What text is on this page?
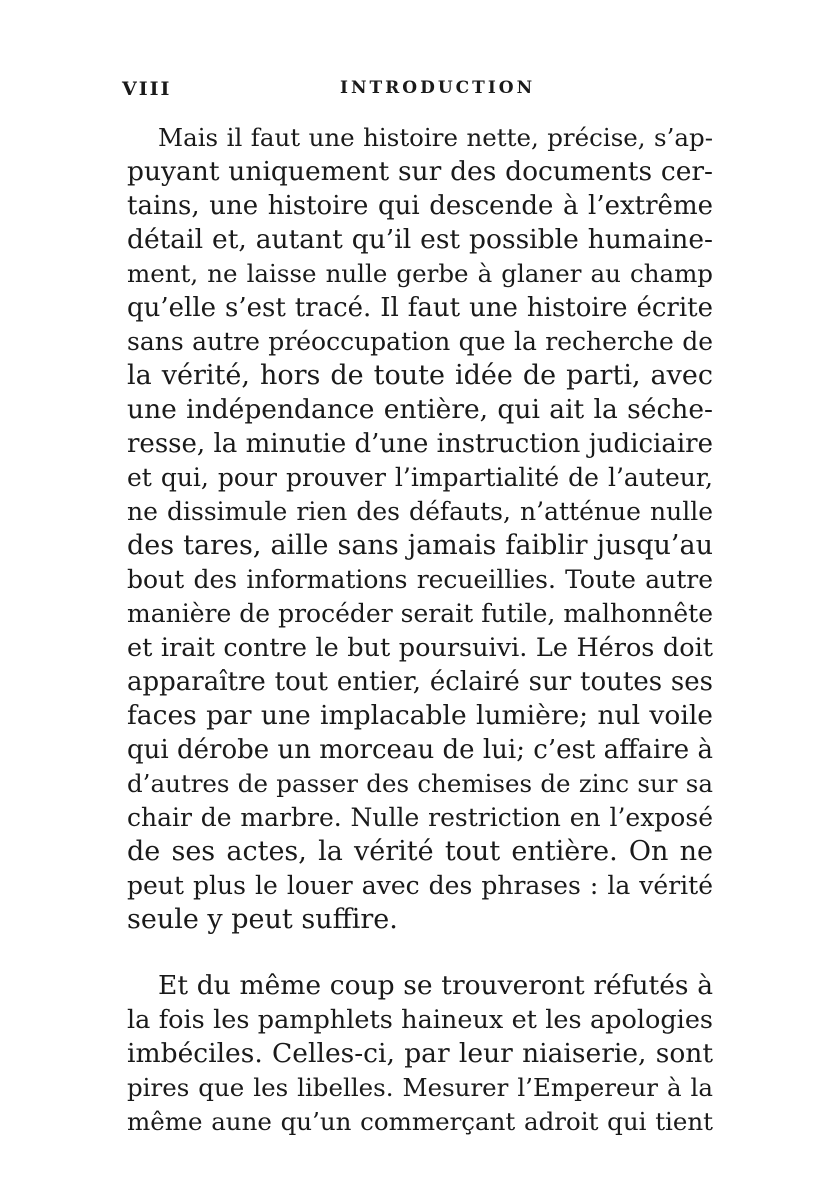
VIII	INTRODUCTION
Mais il faut une histoire nette, précise, s’ap-
puyant uniquement sur des documents cer-
tains, une histoire qui descende à l’extrême
détail et, autant qu’il est possible humaine-
ment, ne laisse nulle gerbe à glaner au champ
qu’elle s’est tracé. Il faut une histoire écrite
sans autre préoccupation que la recherche de
la vérité, hors de toute idée de parti, avec
une indépendance entière, qui ait la séche-
resse, la minutie d’une instruction judiciaire
et qui, pour prouver l’impartialité de l’auteur,
ne dissimule rien des défauts, n’atténue nulle
des tares, aille sans jamais faiblir jusqu’au
bout des informations recueillies. Toute autre
manière de procéder serait futile, malhonnête
et irait contre le but poursuivi. Le Héros doit
apparaître tout entier, éclairé sur toutes ses
faces par une implacable lumière; nul voile
qui dérobe un morceau de lui; c’est affaire à
d’autres de passer des chemises de zinc sur sa
chair de marbre. Nulle restriction en l’exposé
de ses actes, la vérité tout entière. On ne
peut plus le louer avec des phrases : la vérité
seule y peut suffire.
Et du même coup se trouveront réfutés à
la fois les pamphlets haineux et les apologies
imbéciles. Celles-ci, par leur niaiserie, sont
pires que les libelles. Mesurer l’Empereur à la
même aune qu’un commerçant adroit qui tient
